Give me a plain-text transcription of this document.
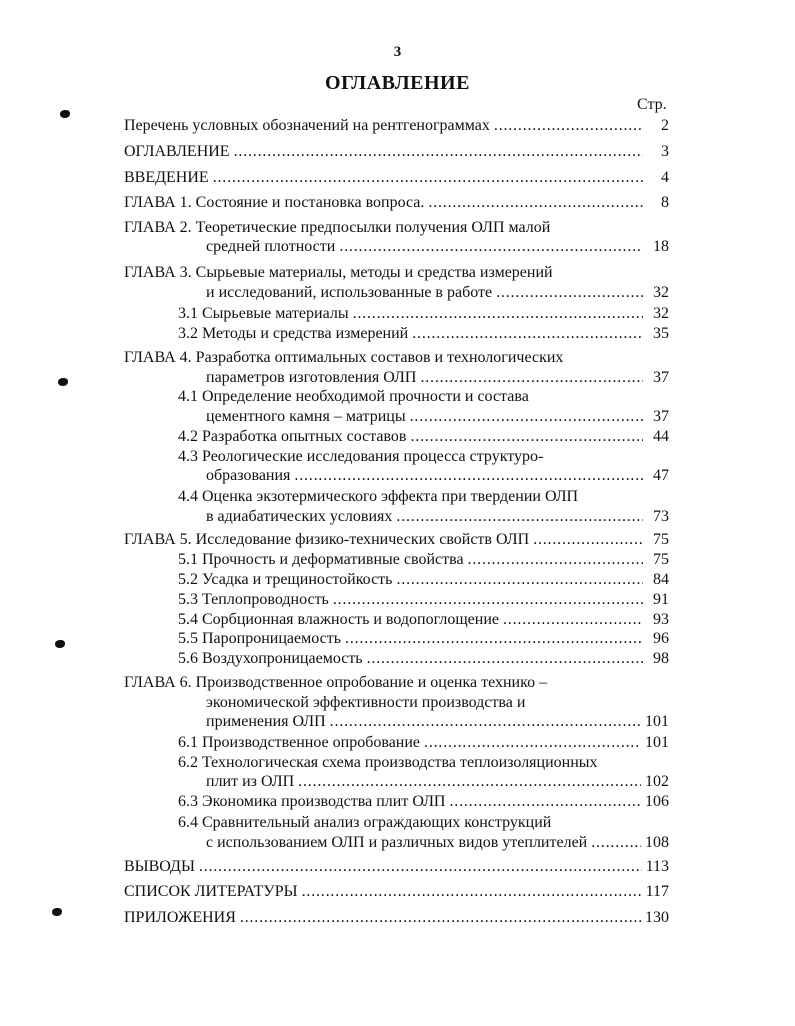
3
ОГЛАВЛЕНИЕ
Стр.
Перечень условных обозначений на рентгенограммах . . .	2
ОГЛАВЛЕНИЕ . . .	3
ВВЕДЕНИЕ . . .	4
ГЛАВА 1. Состояние и постановка вопроса. . . .	8
ГЛАВА 2. Теоретические предпосылки получения ОЛП малой
средней плотности . . .	18
ГЛАВА 3. Сырьевые материалы, методы и средства измерений
и исследований, использованные в работе . . .	32
3.1 Сырьевые материалы . . .	32
3.2 Методы и средства измерений . . .	35
ГЛАВА 4. Разработка оптимальных составов и технологических
параметров изготовления ОЛП . . .	37
4.1 Определение необходимой прочности и состава
цементного камня – матрицы . . .	37
4.2 Разработка опытных составов . . .	44
4.3 Реологические исследования процесса структуро-
образования . . .	47
4.4 Оценка экзотермического эффекта при твердении ОЛП
в адиабатических условиях . . .	73
ГЛАВА 5. Исследование физико-технических свойств ОЛП . . .	75
5.1 Прочность и деформативные свойства . . .	75
5.2 Усадка и трещиностойкость . . .	84
5.3 Теплопроводность . . .	91
5.4 Сорбционная влажность и водопоглощение . . .	93
5.5 Паропроницаемость . . .	96
5.6 Воздухопроницаемость . . .	98
ГЛАВА 6. Производственное опробование и оценка технико –
экономической эффективности производства и
применения ОЛП . . .	101
6.1 Производственное опробование . . .	101
6.2 Технологическая схема производства теплоизоляционных
плит из ОЛП . . .	102
6.3 Экономика производства плит ОЛП . . .	106
6.4 Сравнительный анализ ограждающих конструкций
с использованием ОЛП и различных видов утеплителей . . .	108
ВЫВОДЫ . . .	113
СПИСОК ЛИТЕРАТУРЫ . . .	117
ПРИЛОЖЕНИЯ . . .	130
